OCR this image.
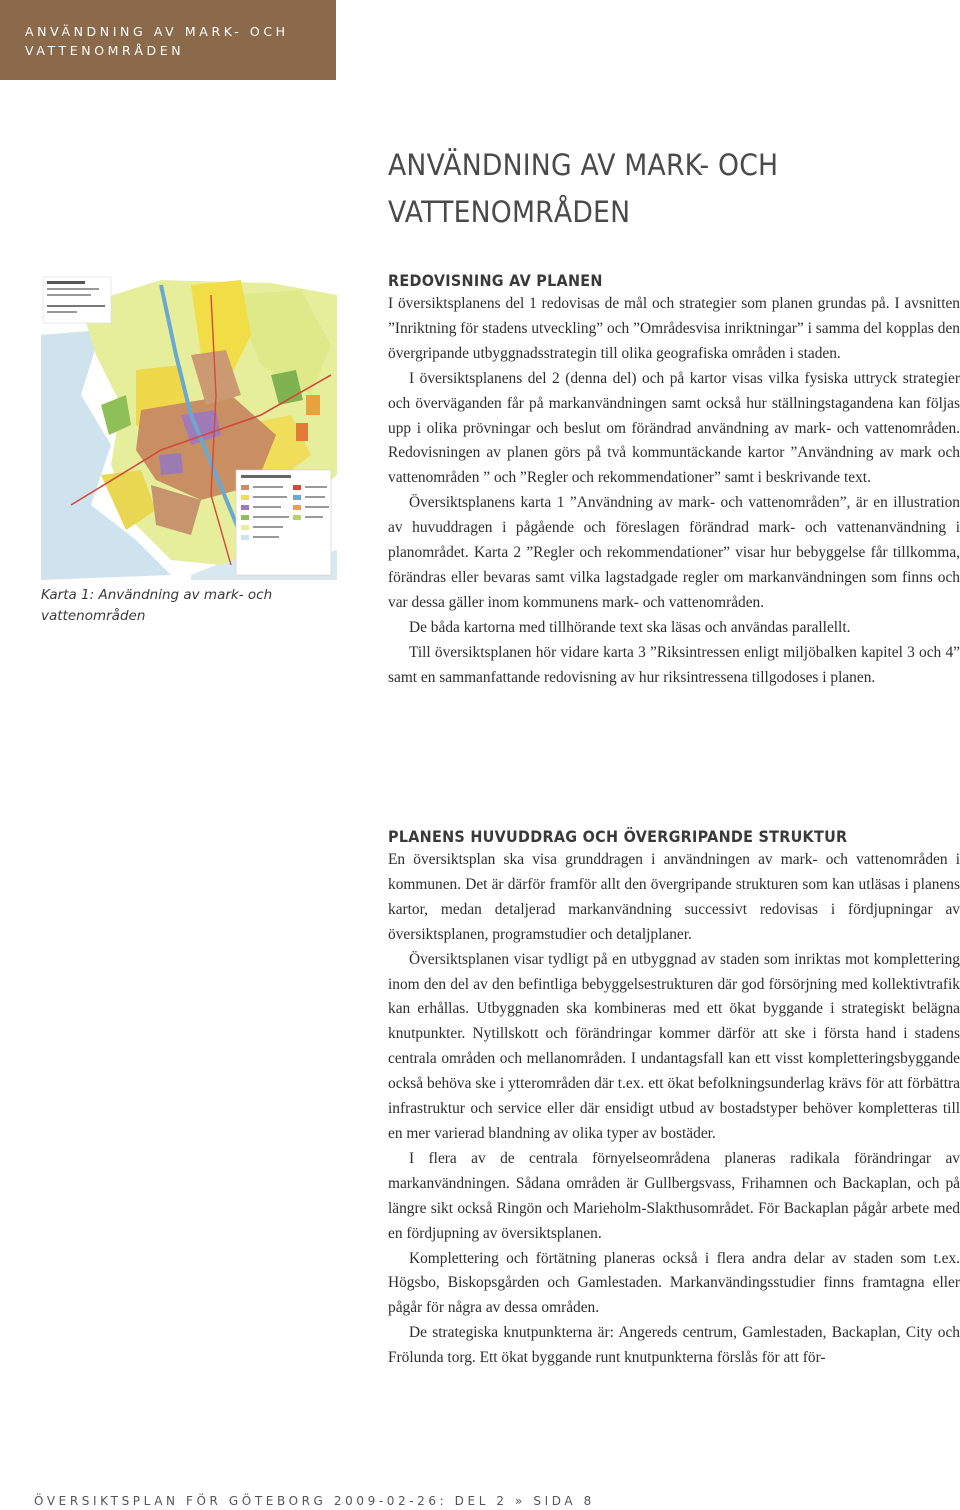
ANVÄNDNING AV MARK- OCH VATTENOMRÅDEN
ANVÄNDNING AV MARK- OCH VATTENOMRÅDEN
Karta 1: Användning av mark- och vattenområden
REDOVISNING AV PLANEN

I översiktsplanens del 1 redovisas de mål och strategier som planen grundas på. I avsnitten ”Inriktning för stadens utveckling” och ”Områdesvisa inriktningar” i samma del kopplas den övergripande utbyggnadsstrategin till olika geografiska områden i staden.

I översiktsplanens del 2 (denna del) och på kartor visas vilka fysiska uttryck strategier och överväganden får på markanvändningen samt också hur ställningstagandena kan följas upp i olika prövningar och beslut om förändrad användning av mark- och vattenområden. Redovisningen av planen görs på två kommuntäckande kartor ”Användning av mark och vattenområden ” och ”Regler och rekommendationer” samt i beskrivande text.

Översiktsplanens karta 1 ”Användning av mark- och vattenområden”, är en illustration av huvuddragen i pågående och föreslagen förändrad mark- och vattenanvändning i planområdet. Karta 2 ”Regler och rekommendationer” visar hur bebyggelse får tillkomma, förändras eller bevaras samt vilka lagstadgade regler om markanvändningen som finns och var dessa gäller inom kommunens mark- och vattenområden.

De båda kartorna med tillhörande text ska läsas och användas parallellt.

Till översiktsplanen hör vidare karta 3 ”Riksintressen enligt miljöbalken kapitel 3 och 4” samt en sammanfattande redovisning av hur riksintressena tillgodoses i planen.

PLANENS HUVUDDRAG OCH ÖVERGRIPANDE STRUKTUR

En översiktsplan ska visa grunddragen i användningen av mark- och vattenområden i kommunen. Det är därför framför allt den övergripande strukturen som kan utläsas i planens kartor, medan detaljerad markanvändning successivt redovisas i fördjupningar av översiktsplanen, programstudier och detaljplaner.

Översiktsplanen visar tydligt på en utbyggnad av staden som inriktas mot komplettering inom den del av den befintliga bebyggelsestrukturen där god försörjning med kollektivtrafik kan erhållas. Utbyggnaden ska kombineras med ett ökat byggande i strategiskt belägna knutpunkter. Nytillskott och förändringar kommer därför att ske i första hand i stadens centrala områden och mellanområden. I undantagsfall kan ett visst kompletteringsbyggande också behöva ske i ytterområden där t.ex. ett ökat befolkningsunderlag krävs för att förbättra infrastruktur och service eller där ensidigt utbud av bostadstyper behöver kompletteras till en mer varierad blandning av olika typer av bostäder.

I flera av de centrala förnyelseområdena planeras radikala förändringar av markanvändningen. Sådana områden är Gullbergsvass, Frihamnen och Backaplan, och på längre sikt också Ringön och Marieholm-Slakthusområdet. För Backaplan pågår arbete med en fördjupning av översiktsplanen.

Komplettering och förtätning planeras också i flera andra delar av staden som t.ex. Högsbo, Biskopsgården och Gamlestaden. Markanvändingsstudier finns framtagna eller pågår för några av dessa områden.

De strategiska knutpunkterna är: Angereds centrum, Gamlestaden, Backaplan, City och Frölunda torg. Ett ökat byggande runt knutpunkterna förslås för att för-

ÖVERSIKTSPLAN FÖR GÖTEBORG 2009-02-26: DEL 2 » SIDA 8
